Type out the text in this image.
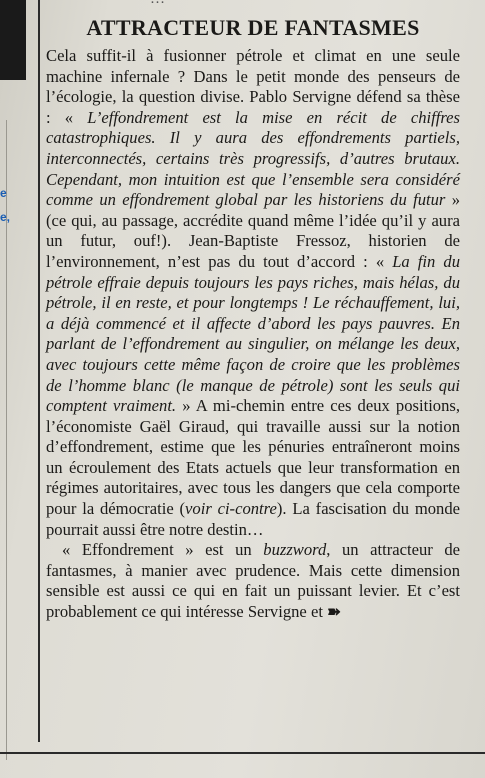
e
e,
ATTRACTEUR DE FANTASMES

Cela suffit-il à fusionner pétrole et climat en une seule machine infernale ? Dans le petit monde des penseurs de l’écologie, la question divise. Pablo Servigne défend sa thèse : « L’effondrement est la mise en récit de chiffres catastrophiques. Il y aura des effondrements partiels, interconnectés, certains très progressifs, d’autres brutaux. Cependant, mon intuition est que l’ensemble sera considéré comme un effondrement global par les historiens du futur » (ce qui, au passage, accrédite quand même l’idée qu’il y aura un futur, ouf!). Jean-Baptiste Fressoz, historien de l’environnement, n’est pas du tout d’accord : « La fin du pétrole effraie depuis toujours les pays riches, mais hélas, du pétrole, il en reste, et pour longtemps ! Le réchauffement, lui, a déjà commencé et il affecte d’abord les pays pauvres. En parlant de l’effondrement au singulier, on mélange les deux, avec toujours cette même façon de croire que les problèmes de l’homme blanc (le manque de pétrole) sont les seuls qui comptent vraiment. » A mi-chemin entre ces deux positions, l’économiste Gaël Giraud, qui travaille aussi sur la notion d’effondrement, estime que les pénuries entraîneront moins un écroulement des Etats actuels que leur transformation en régimes autoritaires, avec tous les dangers que cela comporte pour la démocratie (voir ci-contre). La fascisation du monde pourrait aussi être notre destin…

« Effondrement » est un buzzword, un attracteur de fantasmes, à manier avec prudence. Mais cette dimension sensible est aussi ce qui en fait un puissant levier. Et c’est probablement ce qui intéresse Servigne et ➽
